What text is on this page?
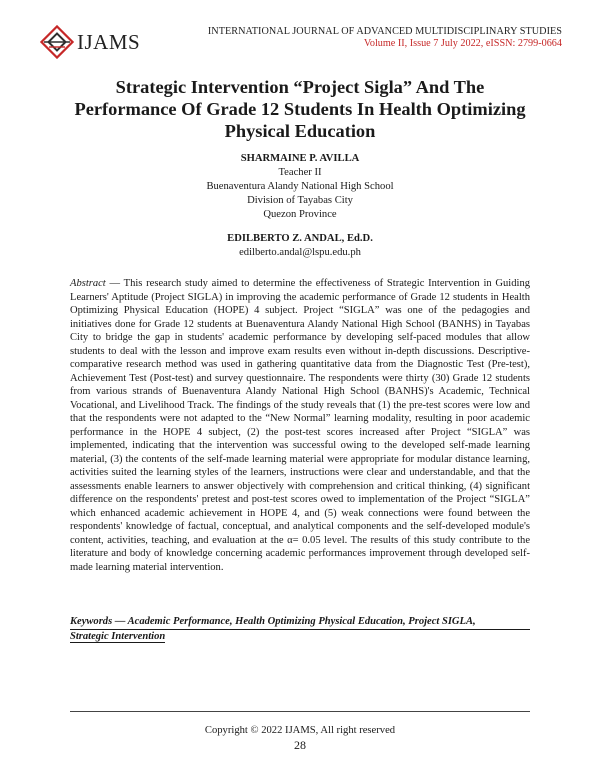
IJAMS	INTERNATIONAL JOURNAL OF ADVANCED MULTIDISCIPLINARY STUDIES
Volume II, Issue 7 July 2022, eISSN: 2799-0664
Strategic Intervention “Project Sigla” And The Performance Of Grade 12 Students In Health Optimizing Physical Education
SHARMAINE P. AVILLA
Teacher II
Buenaventura Alandy National High School
Division of Tayabas City
Quezon Province
EDILBERTO Z. ANDAL, Ed.D.
edilberto.andal@lspu.edu.ph
Abstract — This research study aimed to determine the effectiveness of Strategic Intervention in Guiding Learners' Aptitude (Project SIGLA) in improving the academic performance of Grade 12 students in Health Optimizing Physical Education (HOPE) 4 subject. Project “SIGLA” was one of the pedagogies and initiatives done for Grade 12 students at Buenaventura Alandy National High School (BANHS) in Tayabas City to bridge the gap in students' academic performance by developing self-paced modules that allow students to deal with the lesson and improve exam results even without in-depth discussions. Descriptive-comparative research method was used in gathering quantitative data from the Diagnostic Test (Pre-test), Achievement Test (Post-test) and survey questionnaire. The respondents were thirty (30) Grade 12 students from various strands of Buenaventura Alandy National High School (BANHS)'s Academic, Technical Vocational, and Livelihood Track. The findings of the study reveals that (1) the pre-test scores were low and that the respondents were not adapted to the “New Normal” learning modality, resulting in poor academic performance in the HOPE 4 subject, (2) the post-test scores increased after Project “SIGLA” was implemented, indicating that the intervention was successful owing to the developed self-made learning material, (3) the contents of the self-made learning material were appropriate for modular distance learning, activities suited the learning styles of the learners, instructions were clear and understandable, and that the assessments enable learners to answer objectively with comprehension and critical thinking, (4) significant difference on the respondents' pretest and post-test scores owed to implementation of the Project “SIGLA” which enhanced academic achievement in HOPE 4, and (5) weak connections were found between the respondents' knowledge of factual, conceptual, and analytical components and the self-developed module's content, activities, teaching, and evaluation at the α= 0.05 level. The results of this study contribute to the literature and body of knowledge concerning academic performances improvement through developed self-made learning material intervention.
Keywords — Academic Performance, Health Optimizing Physical Education, Project SIGLA,
Strategic Intervention
Copyright © 2022 IJAMS, All right reserved
28
